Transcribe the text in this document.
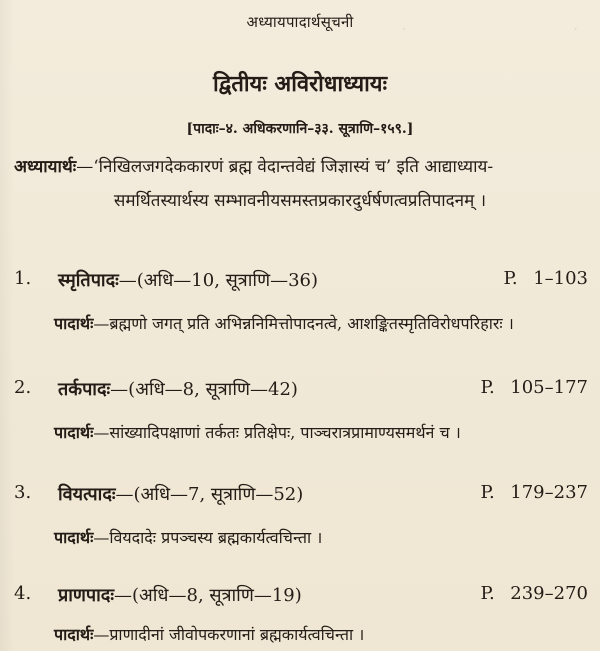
·                                   ·
अध्यायपादार्थसूचनी
द्वितीयः अविरोधाध्यायः
[पादाः–४. अधिकरणानि–३३. सूत्राणि–१५९.]
अध्यायार्थः—‘निखिलजगदेककारणं ब्रह्म वेदान्तवेद्यं जिज्ञास्यं च’ इति आद्याध्याय-
समर्थितस्यार्थस्य सम्भावनीयसमस्तप्रकारदुर्धर्षणत्वप्रतिपादनम् ।
1.	स्मृतिपादः—(अधि—10, सूत्राणि—36)	P. 1–103
पादार्थः—ब्रह्मणो जगत् प्रति अभिन्ननिमित्तोपादनत्वे, आशङ्कितस्मृतिविरोधपरिहारः ।
2.	तर्कपादः—(अधि—8, सूत्राणि—42)	P. 105–177
पादार्थः—सांख्यादिपक्षाणां तर्कतः प्रतिक्षेपः, पाञ्चरात्रप्रामाण्यसमर्थनं च ।
3.	वियत्पादः—(अधि—7, सूत्राणि—52)	P. 179–237
पादार्थः—वियदादेः प्रपञ्चस्य ब्रह्मकार्यत्वचिन्ता ।
4.	प्राणपादः—(अधि—8, सूत्राणि—19)	P. 239–270
पादार्थः—प्राणादीनां जीवोपकरणानां ब्रह्मकार्यत्वचिन्ता ।
